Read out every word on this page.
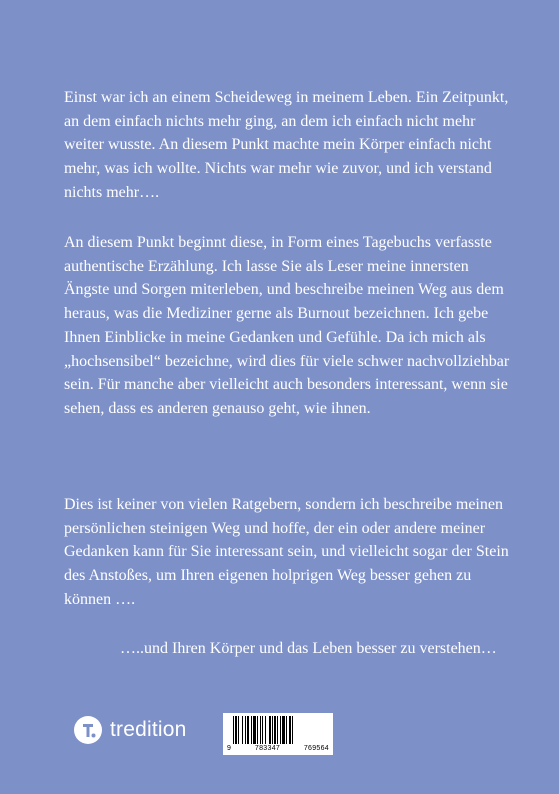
Einst war ich an einem Scheideweg in meinem Leben. Ein Zeitpunkt, an dem einfach nichts mehr ging, an dem ich einfach nicht mehr weiter wusste. An diesem Punkt machte mein Körper einfach nicht mehr, was ich wollte. Nichts war mehr wie zuvor, und ich verstand nichts mehr….
An diesem Punkt beginnt diese, in Form eines Tagebuchs verfasste authentische Erzählung. Ich lasse Sie als Leser meine innersten Ängste und Sorgen miterleben, und beschreibe meinen Weg aus dem heraus, was die Mediziner gerne als Burnout bezeichnen. Ich gebe Ihnen Einblicke in meine Gedanken und Gefühle. Da ich mich als „hochsensibel“ bezeichne, wird dies für viele schwer nachvollziehbar sein. Für manche aber vielleicht auch besonders interessant, wenn sie sehen, dass es anderen genauso geht, wie ihnen.
Dies ist keiner von vielen Ratgebern, sondern ich beschreibe meinen persönlichen steinigen Weg und hoffe, der ein oder andere meiner Gedanken kann für Sie interessant sein, und vielleicht sogar der Stein des Anstoßes, um Ihren eigenen holprigen Weg besser gehen zu können ….
…..und Ihren Körper und das Leben besser zu verstehen…
tredition
9	783347	769564
